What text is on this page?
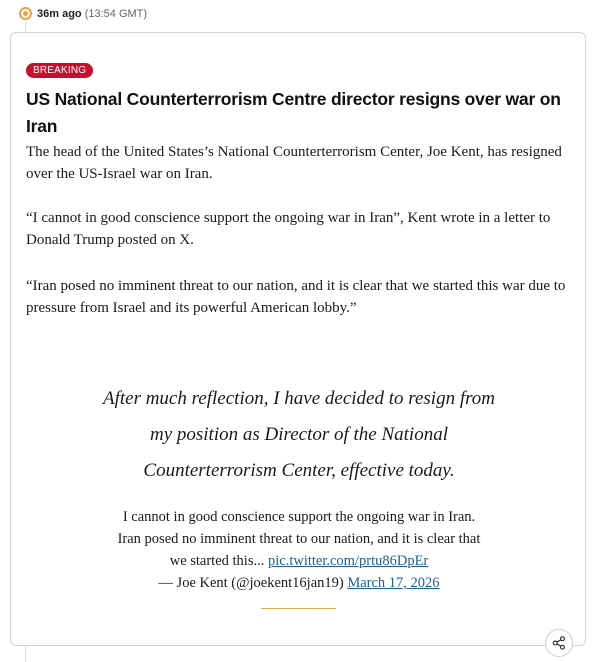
36m ago (13:54 GMT)
BREAKING
US National Counterterrorism Centre director resigns over war on Iran

The head of the United States’s National Counterterrorism Center, Joe Kent, has resigned over the US-Israel war on Iran.

“I cannot in good conscience support the ongoing war in Iran”, Kent wrote in a letter to Donald Trump posted on X.

“Iran posed no imminent threat to our nation, and it is clear that we started this war due to pressure from Israel and its powerful American lobby.”

After much reflection, I have decided to resign from
my position as Director of the National
Counterterrorism Center, effective today.
I cannot in good conscience support the ongoing war in Iran.
Iran posed no imminent threat to our nation, and it is clear that
we started this... pic.twitter.com/prtu86DpEr
— Joe Kent (@joekent16jan19) March 17, 2026
